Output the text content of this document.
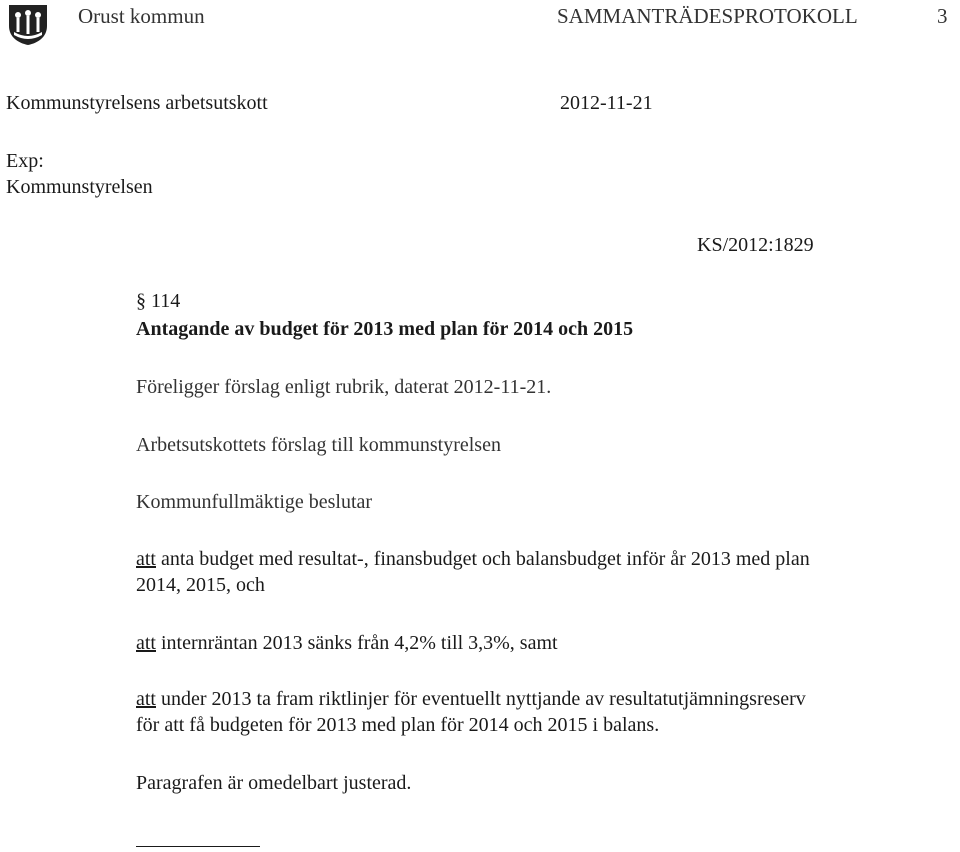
Orust kommun	SAMMANTRÄDESPROTOKOLL	3
Kommunstyrelsens arbetsutskott	2012-11-21
Exp:
Kommunstyrelsen
KS/2012:1829
§ 114
Antagande av budget för 2013 med plan för 2014 och 2015
Föreligger förslag enligt rubrik, daterat 2012-11-21.
Arbetsutskottets förslag till kommunstyrelsen
Kommunfullmäktige beslutar
att anta budget med resultat-, finansbudget och balansbudget inför år 2013 med plan
2014, 2015, och
att internräntan 2013 sänks från 4,2% till 3,3%, samt
att under 2013 ta fram riktlinjer för eventuellt nyttjande av resultatutjämningsreserv
för att få budgeten för 2013 med plan för 2014 och 2015 i balans.
Paragrafen är omedelbart justerad.
